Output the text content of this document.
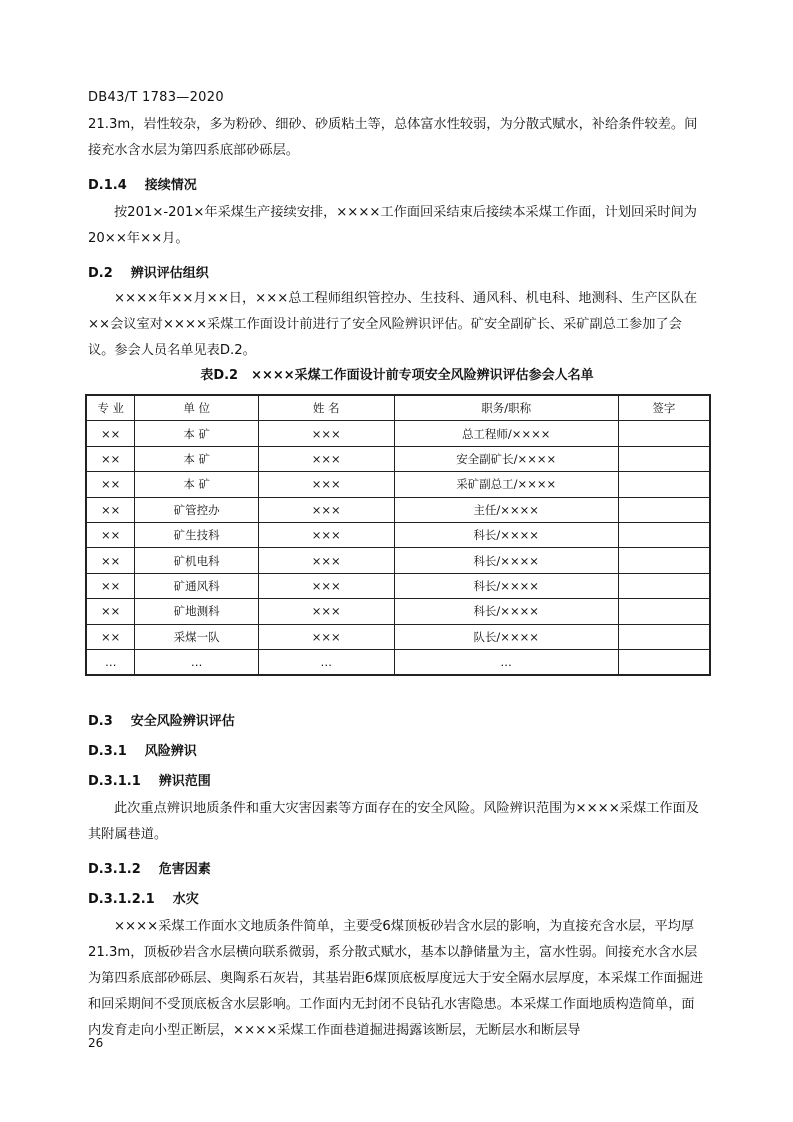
DB43/T 1783—2020

21.3m，岩性较杂，多为粉砂、细砂、砂质粘土等，总体富水性较弱，为分散式赋水，补给条件较差。间接充水含水层为第四系底部砂砾层。

D.1.4 接续情况

按201×-201×年采煤生产接续安排，××××工作面回采结束后接续本采煤工作面，计划回采时间为20××年××月。

D.2 辨识评估组织

××××年××月××日，×××总工程师组织管控办、生技科、通风科、机电科、地测科、生产区队在××会议室对××××采煤工作面设计前进行了安全风险辨识评估。矿安全副矿长、采矿副总工参加了会议。参会人员名单见表D.2。

表D.2　××××采煤工作面设计前专项安全风险辨识评估参会人名单
专 业	单 位	姓 名	职务/职称	签字
××	本 矿	×××	总工程师/××××	
××	本 矿	×××	安全副矿长/××××	
××	本 矿	×××	采矿副总工/××××	
××	矿管控办	×××	主任/××××	
××	矿生技科	×××	科长/××××	
××	矿机电科	×××	科长/××××	
××	矿通风科	×××	科长/××××	
××	矿地测科	×××	科长/××××	
××	采煤一队	×××	队长/××××	
…	…	…	…	
D.3 安全风险辨识评估
D.3.1 风险辨识
D.3.1.1 辨识范围

此次重点辨识地质条件和重大灾害因素等方面存在的安全风险。风险辨识范围为××××采煤工作面及其附属巷道。

D.3.1.2 危害因素
D.3.1.2.1 水灾

××××采煤工作面水文地质条件简单，主要受6煤顶板砂岩含水层的影响，为直接充含水层，平均厚21.3m，顶板砂岩含水层横向联系微弱，系分散式赋水，基本以静储量为主，富水性弱。间接充水含水层为第四系底部砂砾层、奥陶系石灰岩，其基岩距6煤顶底板厚度远大于安全隔水层厚度，本采煤工作面掘进和回采期间不受顶底板含水层影响。工作面内无封闭不良钻孔水害隐患。本采煤工作面地质构造简单，面内发育走向小型正断层，××××采煤工作面巷道掘进揭露该断层，无断层水和断层导

26
